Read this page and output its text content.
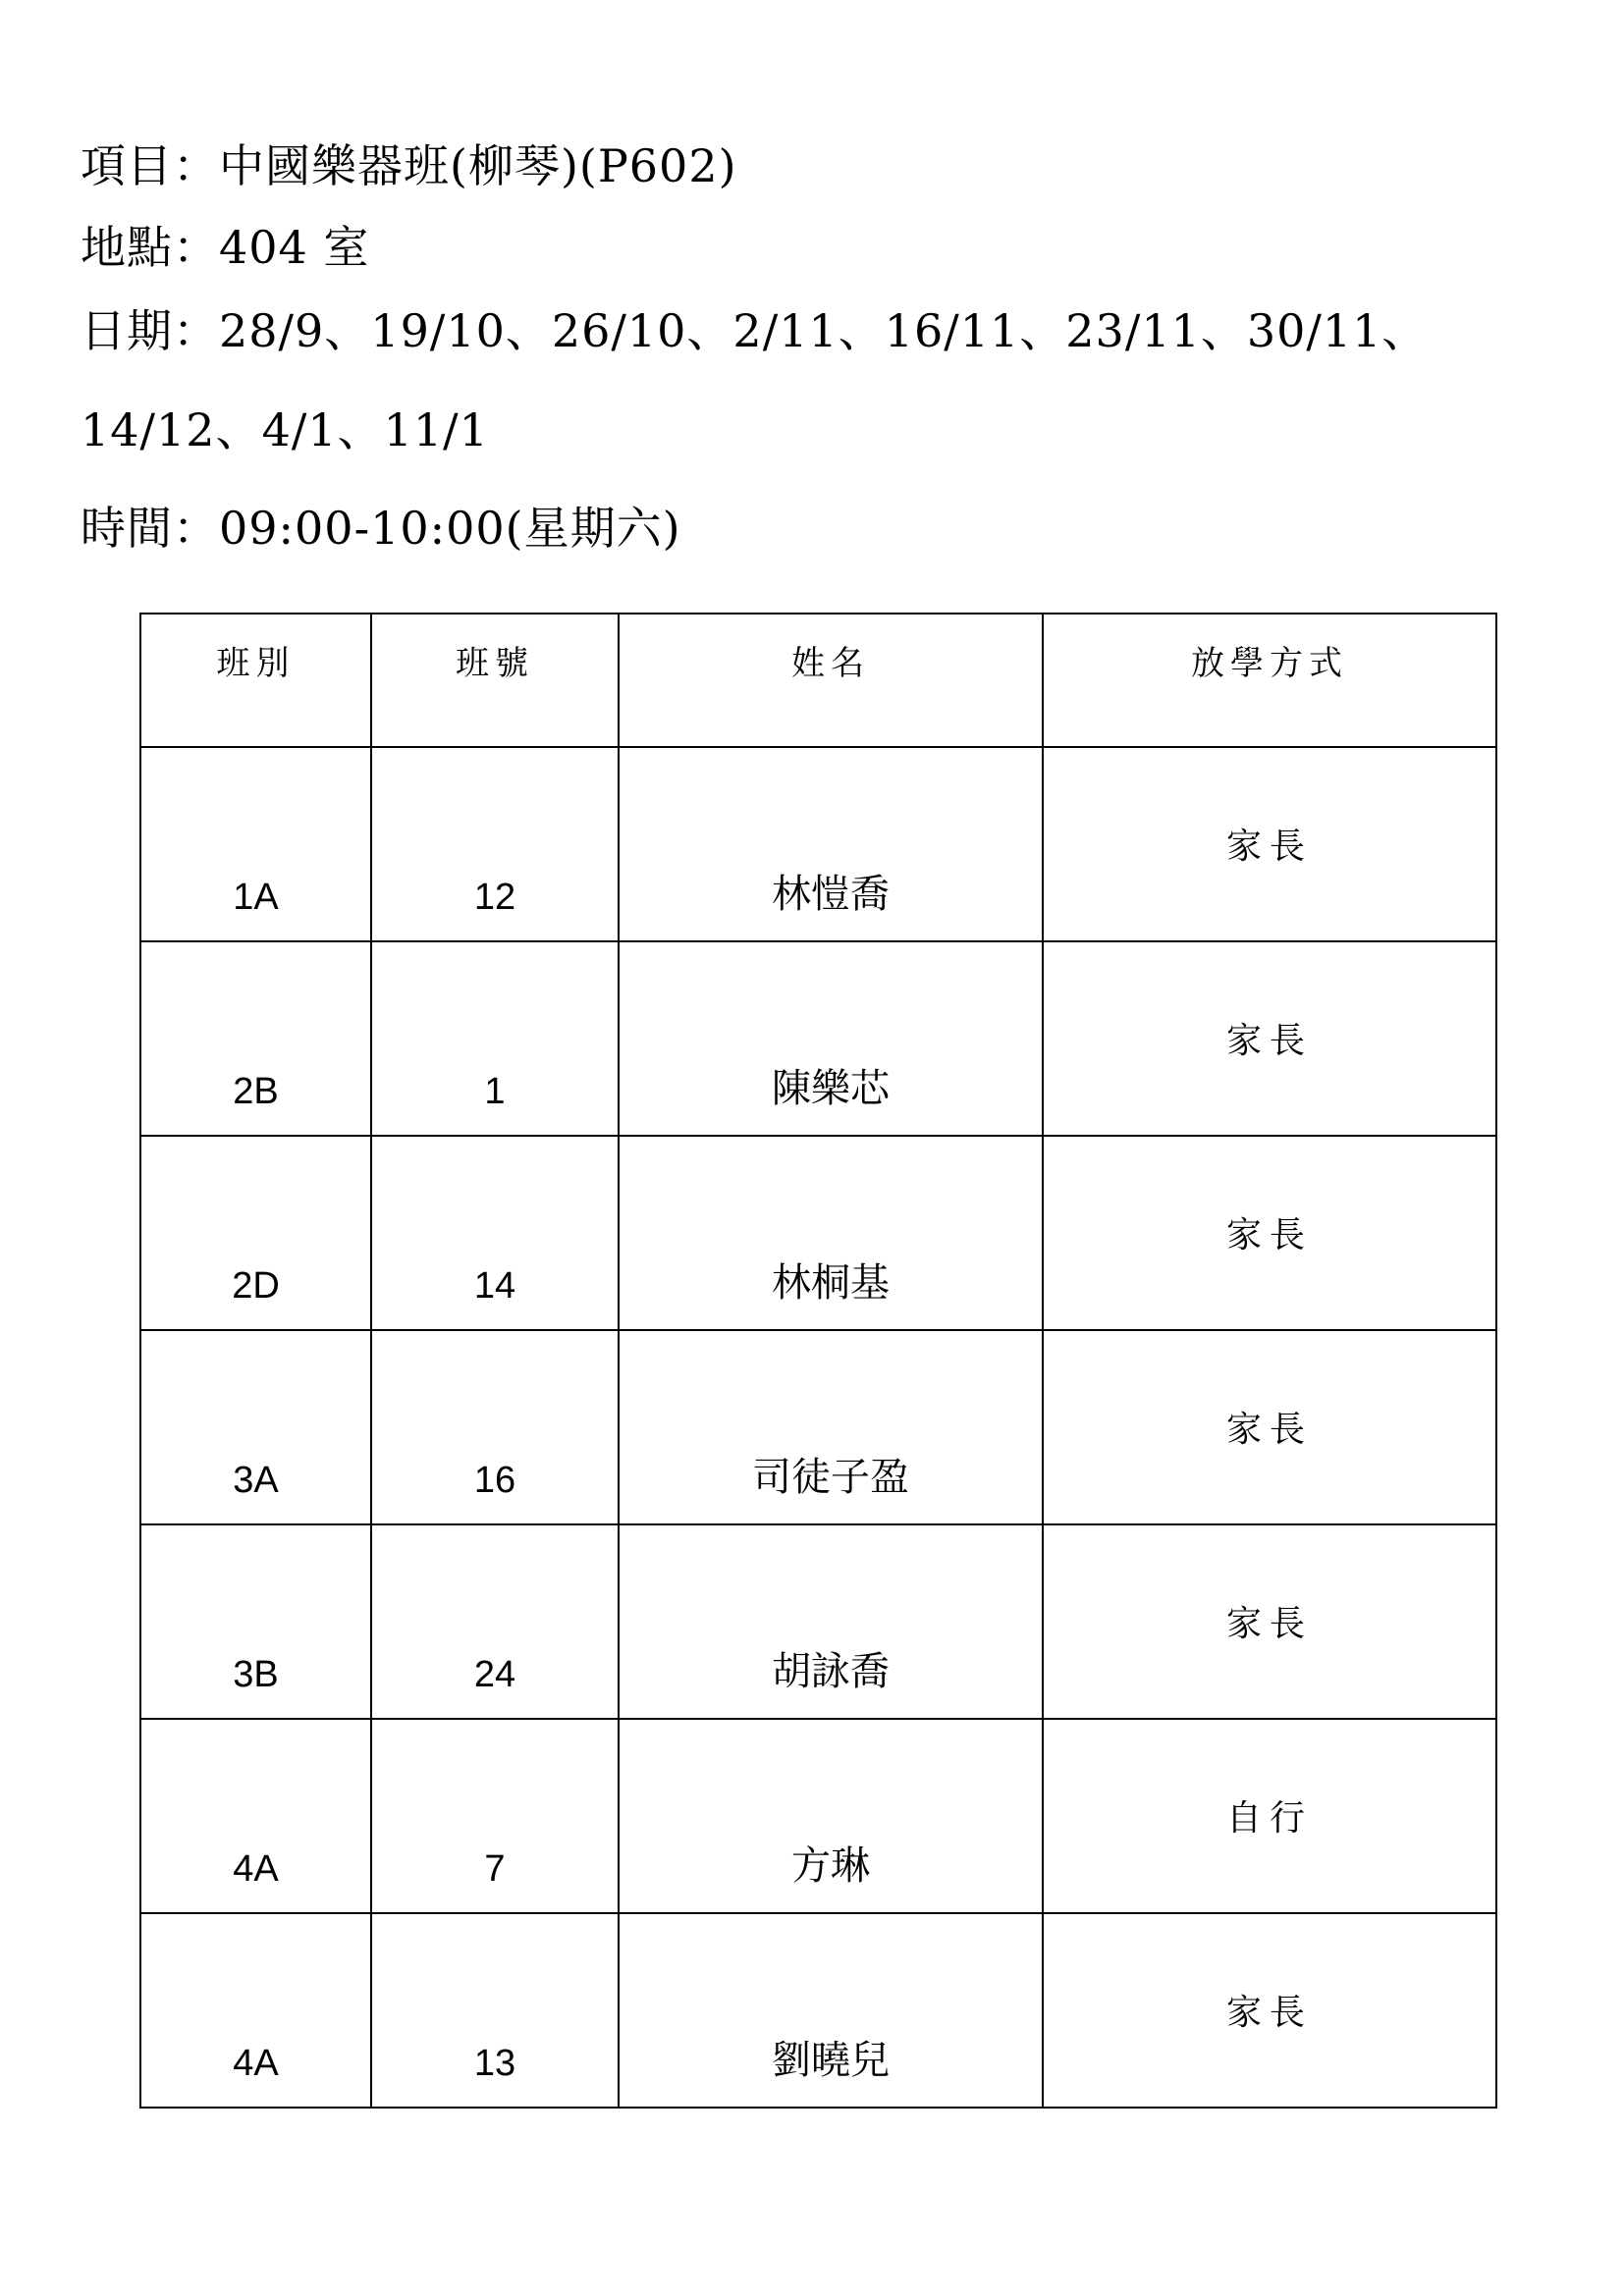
項目：中國樂器班(柳琴)(P602)

地點：404 室

日期：28/9、19/10、26/10、2/11、16/11、23/11、30/11、

14/12、4/1、11/1

時間：09:00-10:00(星期六)

班別	班號	姓名	放學方式

1A	12	林愷喬	家長

2B	1	陳樂芯	家長

2D	14	林桐基	家長

3A	16	司徒子盈	家長

3B	24	胡詠喬	家長

4A	7	方琳	自行

4A	13	劉曉兒	家長
